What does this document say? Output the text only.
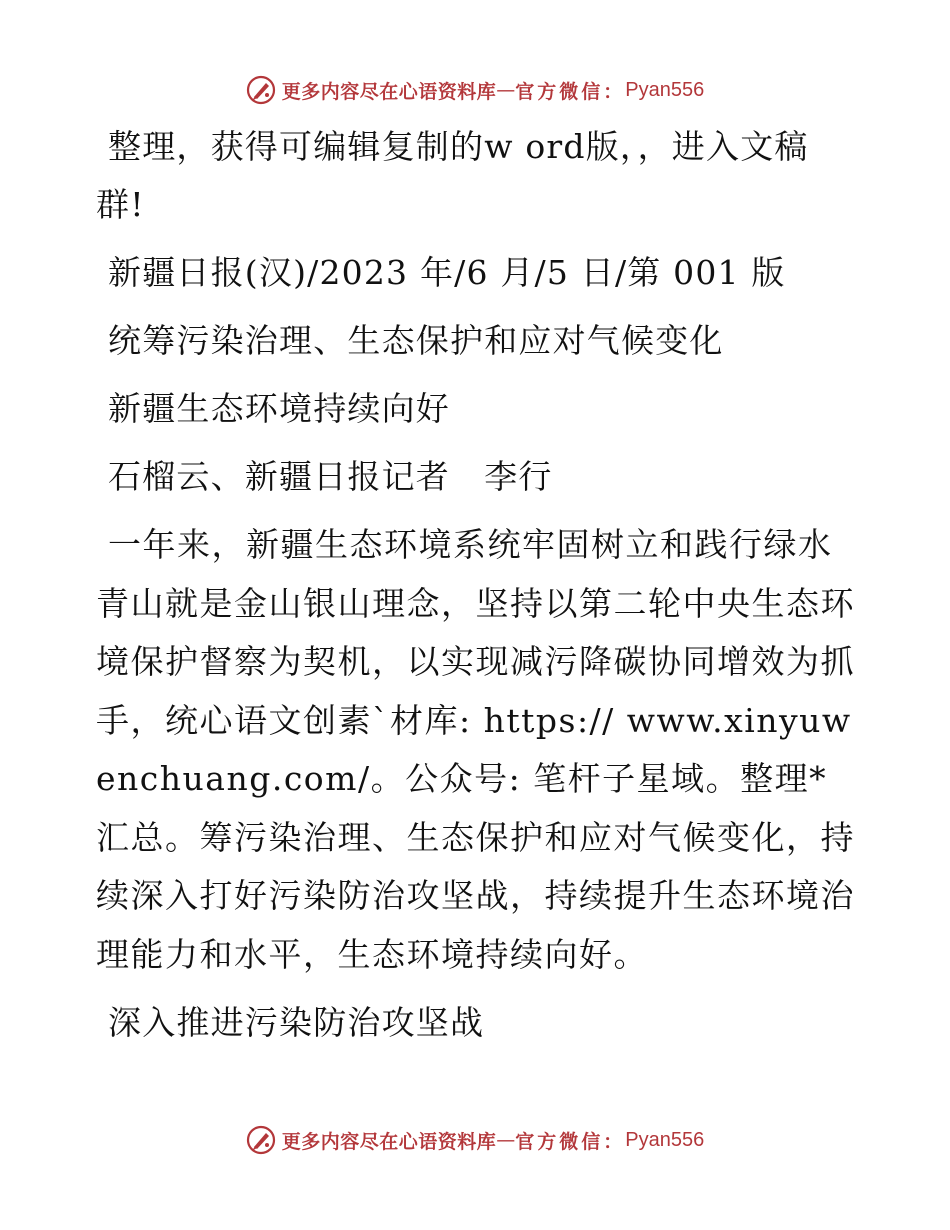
更多内容尽在心语资料库 — 官方微信： Pyan556

整理，获得可编辑复制的w ord版，，进入文稿群!

新疆日报(汉)/2023 年/6 月/5 日/第 001 版

统筹污染治理、生态保护和应对气候变化

新疆生态环境持续向好

石榴云、新疆日报记者　李行

一年来，新疆生态环境系统牢固树立和践行绿水青山就是金山银山理念，坚持以第二轮中央生态环境保护督察为契机，以实现减污降碳协同增效为抓手，统心语文创素`材库: https:// www.xinyuwenchuang.com/。公众号: 笔杆子星域。整理*汇总。筹污染治理、生态保护和应对气候变化，持续深入打好污染防治攻坚战，持续提升生态环境治理能力和水平，生态环境持续向好。

深入推进污染防治攻坚战

更多内容尽在心语资料库 — 官方微信： Pyan556
